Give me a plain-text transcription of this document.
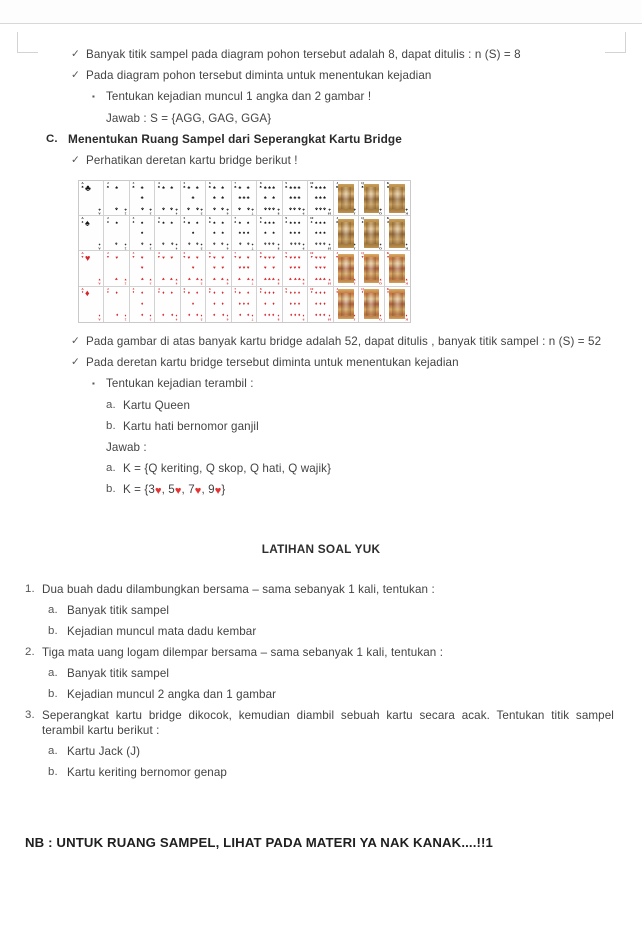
✓ Banyak titik sampel pada diagram pohon tersebut adalah 8, dapat ditulis : n (S) = 8
✓ Pada diagram pohon tersebut diminta untuk menentukan kejadian
▪ Tentukan kejadian muncul 1 angka dan 2 gambar !
Jawab : S = {AGG, GAG, GGA}
C. Menentukan Ruang Sampel dari Seperangkat Kartu Bridge
✓ Perhatikan deretan kartu bridge berikut !
A
♣
A
♣
♣	2
♣
2
♣
♣
♣
3
♣
3
♣
♣
♣
♣
4
♣
4
♣
♣ ♣
♣ ♣
5
♣
5
♣
♣ ♣
♣
♣ ♣
6
♣
6
♣
♣ ♣
♣ ♣
♣ ♣
7
♣
7
♣
♣ ♣
♣ ♣ ♣
♣ ♣
8
♣
8
♣
♣ ♣ ♣
♣ ♣
♣ ♣ ♣
9
♣
9
♣
♣ ♣ ♣
♣ ♣ ♣
♣ ♣ ♣
10
♣
10
♣
♣ ♣ ♣
♣ ♣ ♣
♣ ♣ ♣
J
♣
J
♣
Q
♣
Q
♣
K
♣
K
♣
A
♠
A
♠
♠	2
♠
2
♠
♠
♠
3
♠
3
♠
♠
♠
♠
4
♠
4
♠
♠ ♠
♠ ♠
5
♠
5
♠
♠ ♠
♠
♠ ♠
6
♠
6
♠
♠ ♠
♠ ♠
♠ ♠
7
♠
7
♠
♠ ♠
♠ ♠ ♠
♠ ♠
8
♠
8
♠
♠ ♠ ♠
♠ ♠
♠ ♠ ♠
9
♠
9
♠
♠ ♠ ♠
♠ ♠ ♠
♠ ♠ ♠
10
♠
10
♠
♠ ♠ ♠
♠ ♠ ♠
♠ ♠ ♠
J
♠
J
♠
Q
♠
Q
♠
K
♠
K
♠
A
♥
A
♥
♥	2
♥
2
♥
♥
♥
3
♥
3
♥
♥
♥
♥
4
♥
4
♥
♥ ♥
♥ ♥
5
♥
5
♥
♥ ♥
♥
♥ ♥
6
♥
6
♥
♥ ♥
♥ ♥
♥ ♥
7
♥
7
♥
♥ ♥
♥ ♥ ♥
♥ ♥
8
♥
8
♥
♥ ♥ ♥
♥ ♥
♥ ♥ ♥
9
♥
9
♥
♥ ♥ ♥
♥ ♥ ♥
♥ ♥ ♥
10
♥
10
♥
♥ ♥ ♥
♥ ♥ ♥
♥ ♥ ♥
J
♥
J
♥
Q
♥
Q
♥
K
♥
K
♥
A
♦
A
♦
♦	2
♦
2
♦
♦
♦
3
♦
3
♦
♦
♦
♦
4
♦
4
♦
♦ ♦
♦ ♦
5
♦
5
♦
♦ ♦
♦
♦ ♦
6
♦
6
♦
♦ ♦
♦ ♦
♦ ♦
7
♦
7
♦
♦ ♦
♦ ♦ ♦
♦ ♦
8
♦
8
♦
♦ ♦ ♦
♦ ♦
♦ ♦ ♦
9
♦
9
♦
♦ ♦ ♦
♦ ♦ ♦
♦ ♦ ♦
10
♦
10
♦
♦ ♦ ♦
♦ ♦ ♦
♦ ♦ ♦
J
♦
J
♦
Q
♦
Q
♦
K
♦
K
♦
✓ Pada gambar di atas banyak kartu bridge adalah 52, dapat ditulis , banyak titik sampel : n (S) = 52
✓ Pada deretan kartu bridge tersebut diminta untuk menentukan kejadian
▪ Tentukan kejadian terambil :
a. Kartu Queen
b. Kartu hati bernomor ganjil
Jawab :
a. K = {Q keriting, Q skop, Q hati, Q wajik}
b. K = {3♥, 5♥, 7♥, 9♥}
LATIHAN SOAL YUK
1. Dua buah dadu dilambungkan bersama – sama sebanyak 1 kali, tentukan :
a. Banyak titik sampel
b. Kejadian muncul mata dadu kembar
2. Tiga mata uang logam dilempar bersama – sama sebanyak 1 kali, tentukan :
a. Banyak titik sampel
b. Kejadian muncul 2 angka dan 1 gambar
3. Seperangkat kartu bridge dikocok, kemudian diambil sebuah kartu secara acak. Tentukan titik sampel terambil kartu berikut :
a. Kartu Jack (J)
b. Kartu keriting bernomor genap
NB : UNTUK RUANG SAMPEL, LIHAT PADA MATERI YA NAK KANAK....!!1
